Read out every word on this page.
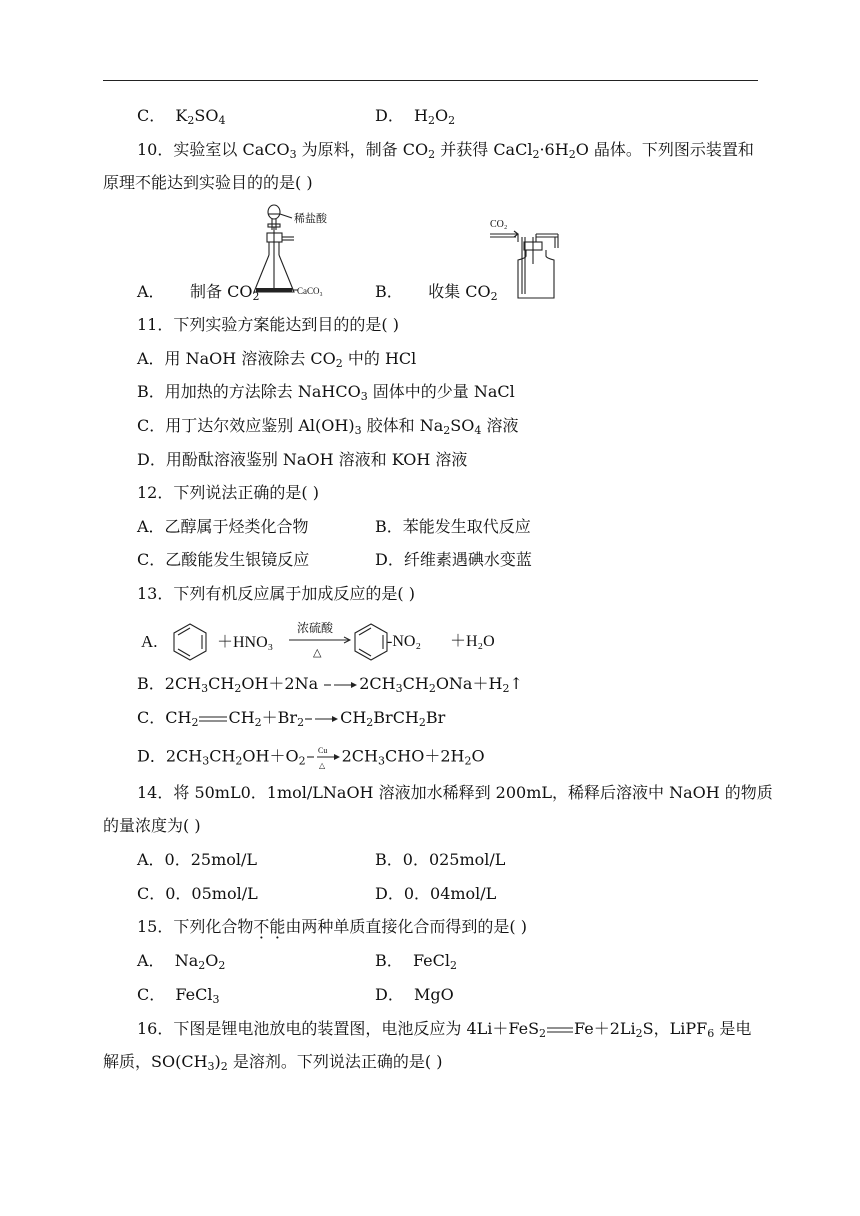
C． $K_2SO_4$	D． $H_2O_2$
10．实验室以 CaCO$_3$ 为原料，制备 $CO_2$ 并获得 $CaCl_2\cdot 6H_2O$ 晶体。下列图示装置和
原理不能达到实验目的的是( )
稀盐酸
CaCO₃
CO₂
A． 制备 $CO_2$	B． 收集 $CO_2$
11．下列实验方案能达到目的的是( )
A．用 NaOH 溶液除去 $CO_2$ 中的 HCl
B．用加热的方法除去 NaHCO$_3$ 固体中的少量 NaCl
C．用丁达尔效应鉴别 $Al(OH)_3$ 胶体和 $Na_2SO_4$ 溶液
D．用酚酞溶液鉴别 NaOH 溶液和 KOH 溶液
12．下列说法正确的是( )
A．乙醇属于烃类化合物	B．苯能发生取代反应
C．乙酸能发生银镜反应	D．纤维素遇碘水变蓝
13．下列有机反应属于加成反应的是( )
A.	＋HNO₃
浓硫酸
△
-NO₂ ＋H₂O
B．$2CH_3CH_2OH+2Na$ $\to 2CH_3CH_2ONa+H_2↑$
C．$CH_2$ $CH_2+Br_2\to CH_2BrCH_2Br$
D．$2CH_3CH_2OH+O_2$
Cu
△ $2CH_3CHO+2H_2O$
14．将 50mL0．1mol/LNaOH 溶液加水稀释到 200mL，稀释后溶液中 NaOH 的物质
的量浓度为( )
A．0．25mol/L	B．0．025mol/L
C．0．05mol/L	D．0．04mol/L
15．下列化合物不能由两种单质直接化合而得到的是( )
A． $Na_2O_2$	B． FeCl$_2$
C． FeCl$_3$	D． MgO
16．下图是锂电池放电的装置图，电池反应为 4Li＋FeS$_2$ $Fe+2Li_2S$，LiPF$_6$ 是电
解质，$SO(CH_3)_2$ 是溶剂。下列说法正确的是( )
